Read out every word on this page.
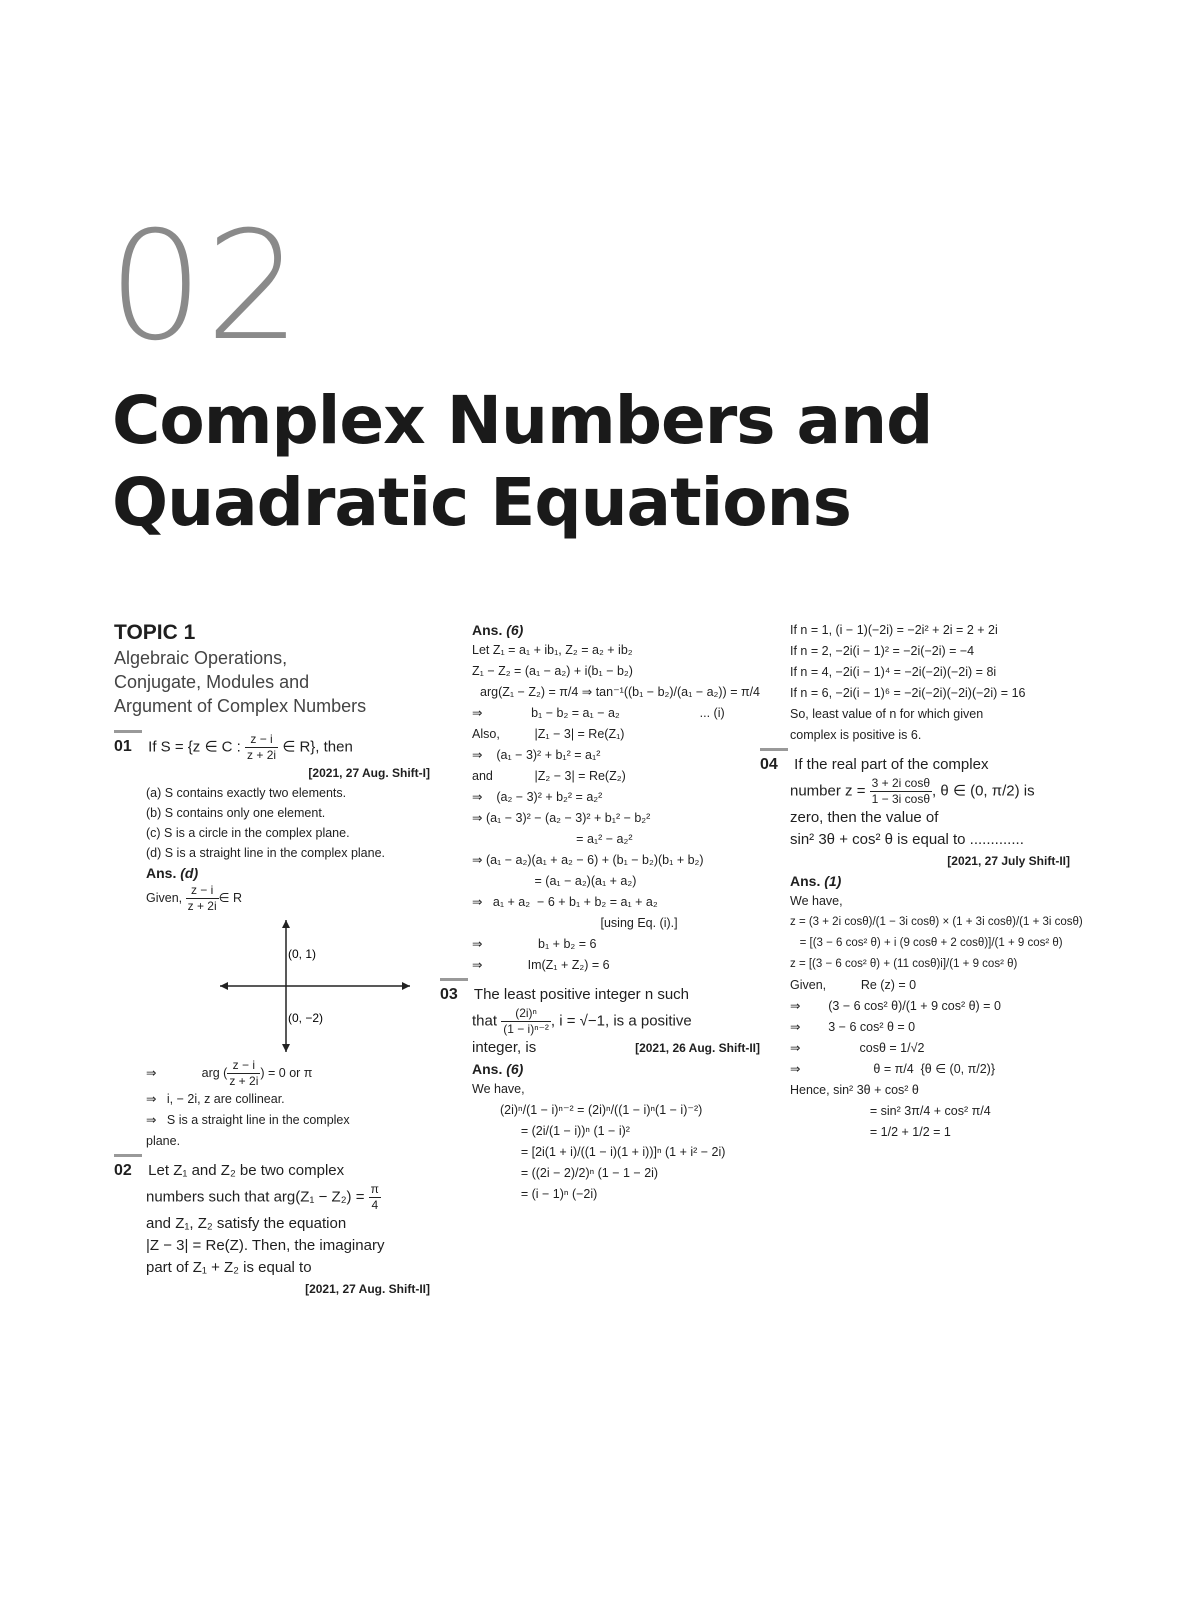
02
Complex Numbers and
Quadratic Equations
TOPIC 1
Algebraic Operations,
Conjugate, Modules and
Argument of Complex Numbers
01 If S = {z ∈ C : $\frac{z - i}{z + 2i}$ ∈ R}, then
[2021, 27 Aug. Shift-I]
(a) S contains exactly two elements.
(b) S contains only one element.
(c) S is a circle in the complex plane.
(d) S is a straight line in the complex plane.
Ans. (d)
Given, $\frac{z - i}{z + 2i}$ ∈ R
(0, 1)
(0, −2)
⇒             arg ( $\frac{z - i}{z + 2i}$ ) = 0 or π
⇒   i, − 2i, z are collinear.
⇒   S is a straight line in the complex
plane.
02 Let Z₁ and Z₂ be two complex
numbers such that $arg(Z_1 - Z_2) = \frac{\pi}{4}$
and Z₁, Z₂ satisfy the equation
|Z − 3| = Re(Z). Then, the imaginary
part of Z₁ + Z₂ is equal to
[2021, 27 Aug. Shift-II]
Ans. (6)
Let Z₁ = a₁ + ib₁, Z₂ = a₂ + ib₂
Z₁ − Z₂ = (a₁ − a₂) + i(b₁ − b₂)
arg(Z₁ − Z₂) = π/4 ⇒ tan⁻¹((b₁ − b₂)/(a₁ − a₂)) = π/4
⇒              b₁ − b₂ = a₁ − a₂                       ... (i)
Also,          |Z₁ − 3| = Re(Z₁)
⇒    (a₁ − 3)² + b₁² = a₁²
and            |Z₂ − 3| = Re(Z₂)
⇒    (a₂ − 3)² + b₂² = a₂²
⇒ (a₁ − 3)² − (a₂ − 3)² + b₁² − b₂²
= a₁² − a₂²
⇒ (a₁ − a₂)(a₁ + a₂ − 6) + (b₁ − b₂)(b₁ + b₂)
= (a₁ − a₂)(a₁ + a₂)
⇒   a₁ + a₂  − 6 + b₁ + b₂ = a₁ + a₂
[using Eq. (i).]
⇒                b₁ + b₂ = 6
⇒             Im(Z₁ + Z₂) = 6
03 The least positive integer n such
that $\frac{\text{(2i)ⁿ}}{\text{(1 − i)ⁿ⁻²}}$ , i = √−1, is a positive
integer, is	[2021, 26 Aug. Shift-II]
Ans. (6)
We have,
(2i)ⁿ/(1 − i)ⁿ⁻² = (2i)ⁿ/((1 − i)ⁿ(1 − i)⁻²)
= (2i/(1 − i))ⁿ (1 − i)²
= [2i(1 + i)/((1 − i)(1 + i))]ⁿ (1 + i² − 2i)
= ((2i − 2)/2)ⁿ (1 − 1 − 2i)
= (i − 1)ⁿ (−2i)
If n = 1, (i − 1)(−2i) = −2i² + 2i = 2 + 2i
If n = 2, −2i(i − 1)² = −2i(−2i) = −4
If n = 4, −2i(i − 1)⁴ = −2i(−2i)(−2i) = 8i
If n = 6, −2i(i − 1)⁶ = −2i(−2i)(−2i)(−2i) = 16
So, least value of n for which given
complex is positive is 6.
04 If the real part of the complex
number $z = \frac{\text{3 + 2i cosθ}}{\text{1 − 3i cosθ}}$ , θ ∈ (0, π/2) is
zero, then the value of
sin² 3θ + cos² θ is equal to .............
[2021, 27 July Shift-II]
Ans. (1)
We have,
z = (3 + 2i cosθ)/(1 − 3i cosθ) × (1 + 3i cosθ)/(1 + 3i cosθ)
= [(3 − 6 cos² θ) + i (9 cosθ + 2 cosθ)]/(1 + 9 cos² θ)
z = [(3 − 6 cos² θ) + (11 cosθ)i]/(1 + 9 cos² θ)
Given,          Re (z) = 0
⇒        (3 − 6 cos² θ)/(1 + 9 cos² θ) = 0
⇒        3 − 6 cos² θ = 0
⇒                 cosθ = 1/√2
⇒                     θ = π/4  {θ ∈ (0, π/2)}
Hence, sin² 3θ + cos² θ
= sin² 3π/4 + cos² π/4
= 1/2 + 1/2 = 1
